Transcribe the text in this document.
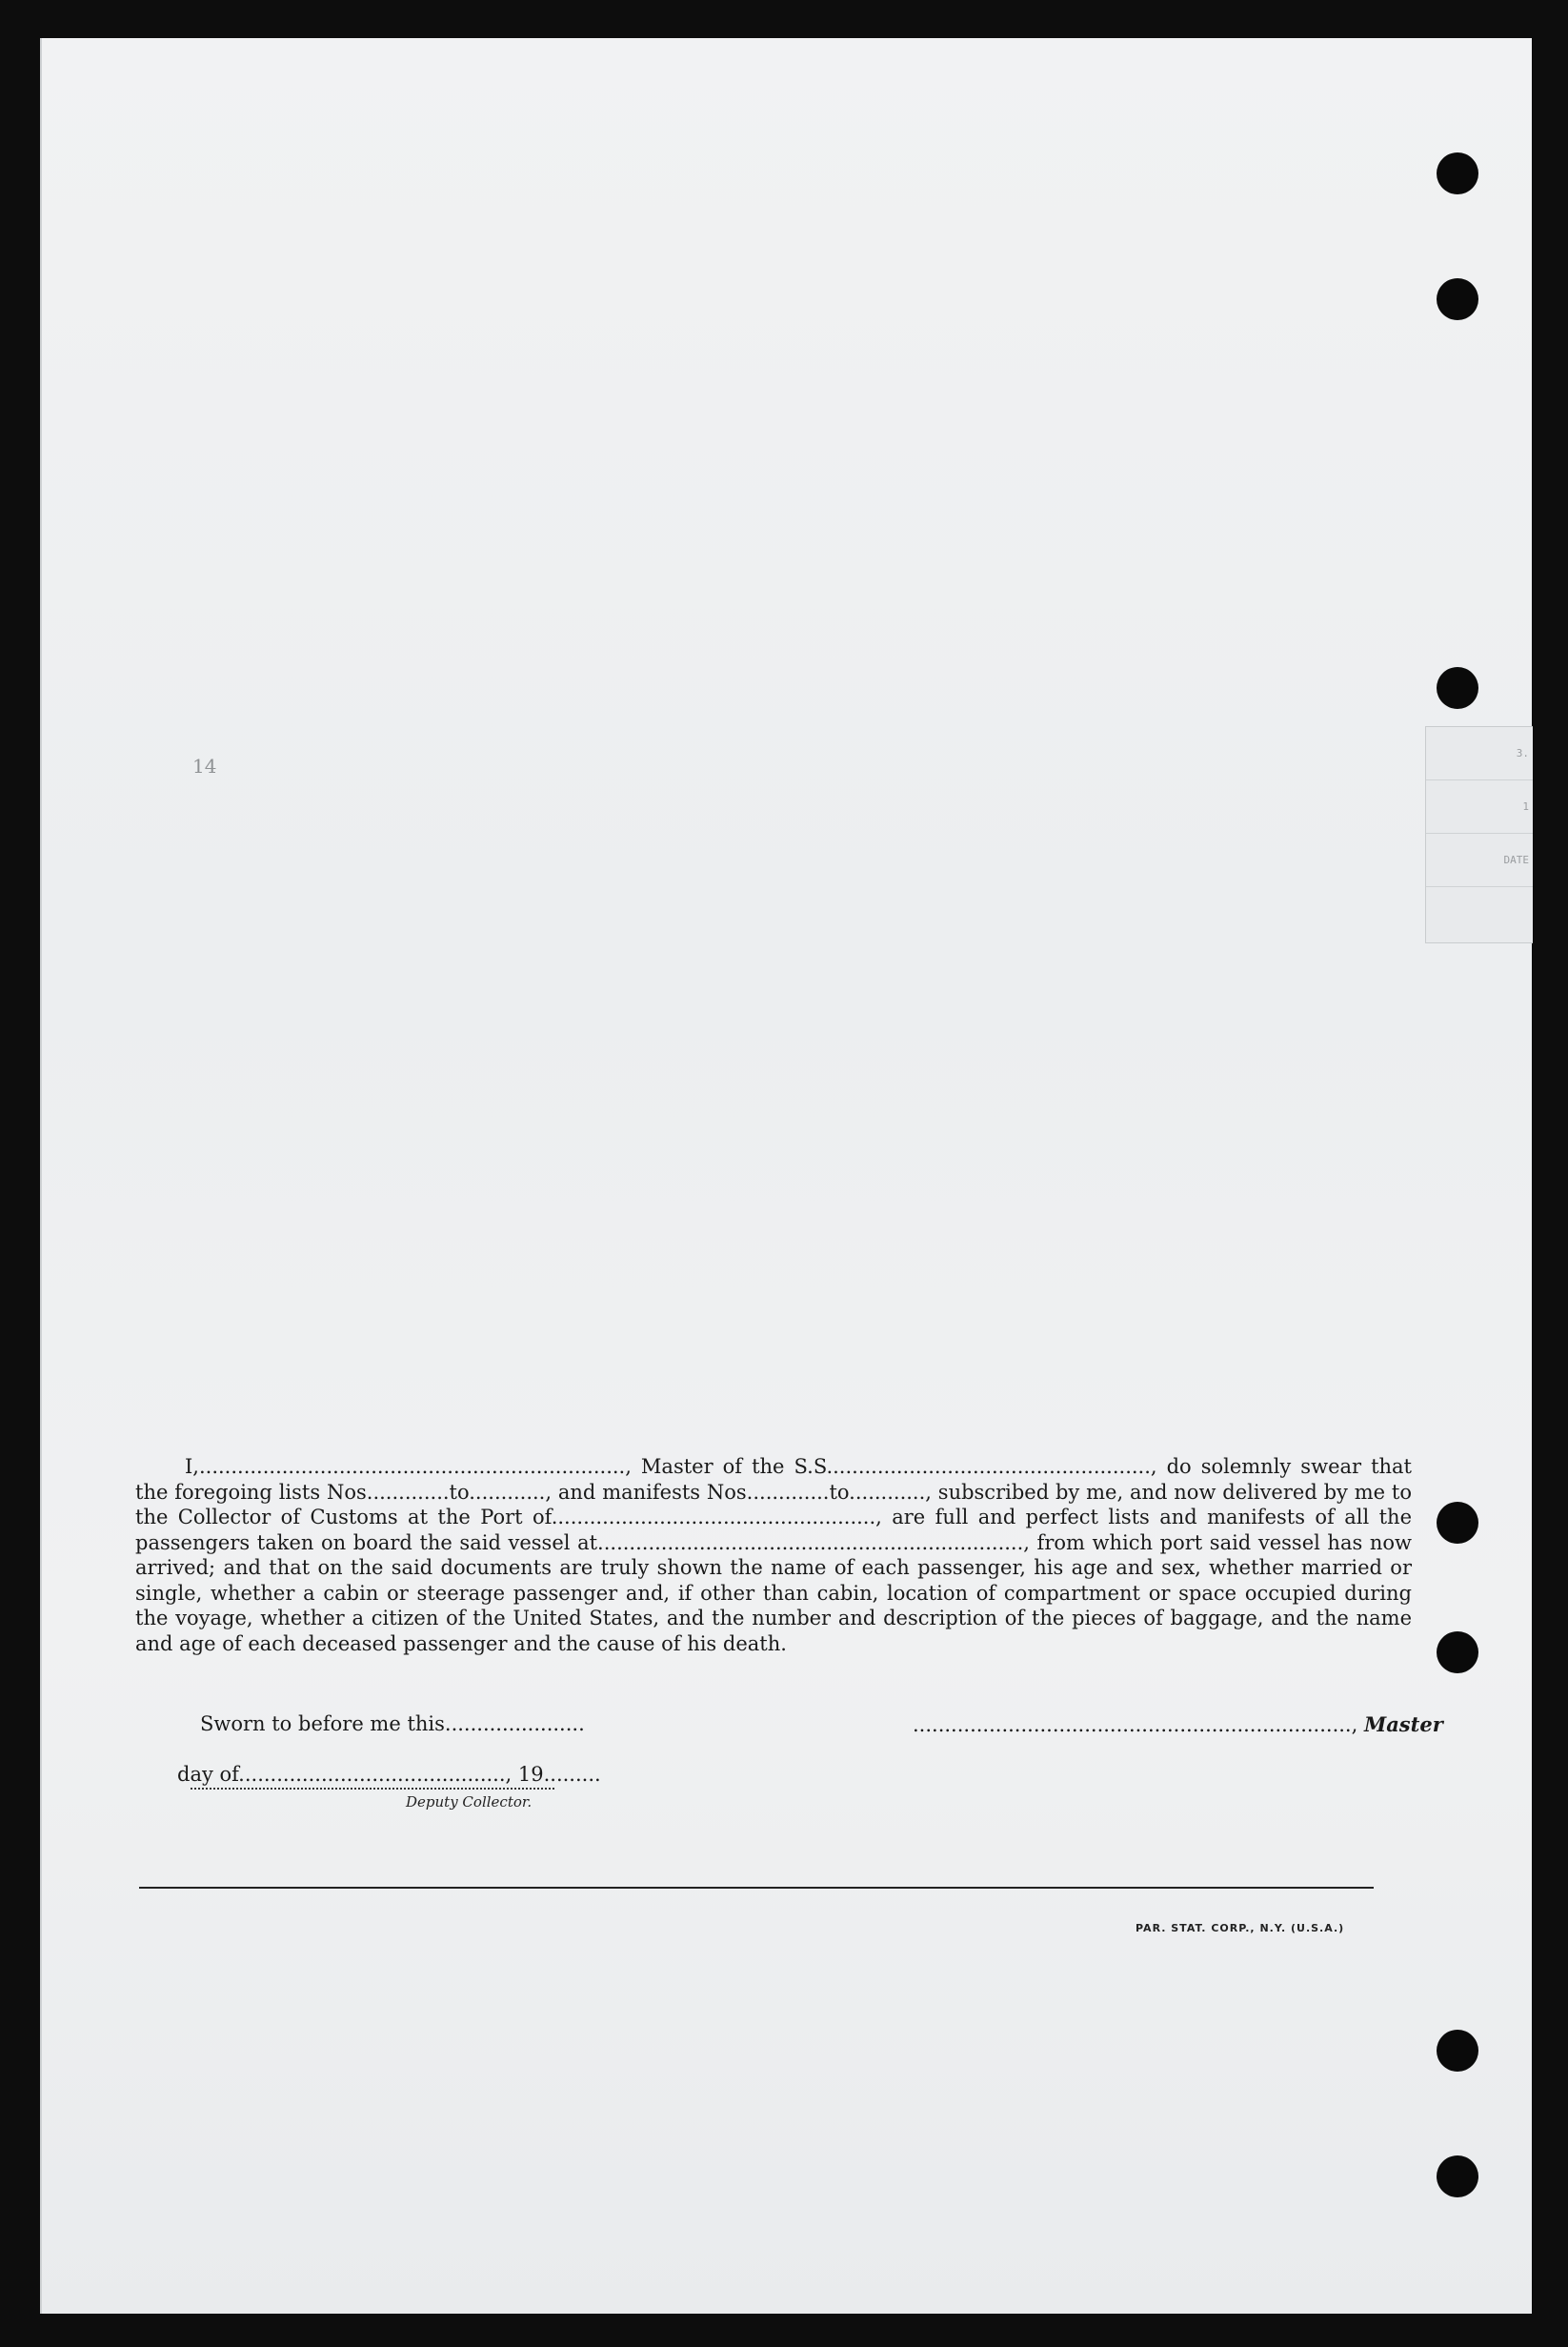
3.
1
DATE
14

I,..................................................................., Master of the S.S..................................................., do solemnly swear that the foregoing lists Nos.............to............, and manifests Nos.............to............, subscribed by me, and now delivered by me to the Collector of Customs at the Port of..................................................., are full and perfect lists and manifests of all the passengers taken on board the said vessel at..................................................................., from which port said vessel has now arrived; and that on the said documents are truly shown the name of each passenger, his age and sex, whether married or single, whether a cabin or steerage passenger and, if other than cabin, location of compartment or space occupied during the voyage, whether a citizen of the United States, and the number and description of the pieces of baggage, and the name and age of each deceased passenger and the cause of his death.

Sworn to before me this......................	....................................................................., Master
day of.........................................., 19.........
Deputy Collector.
PAR. STAT. CORP., N.Y. (U.S.A.)
